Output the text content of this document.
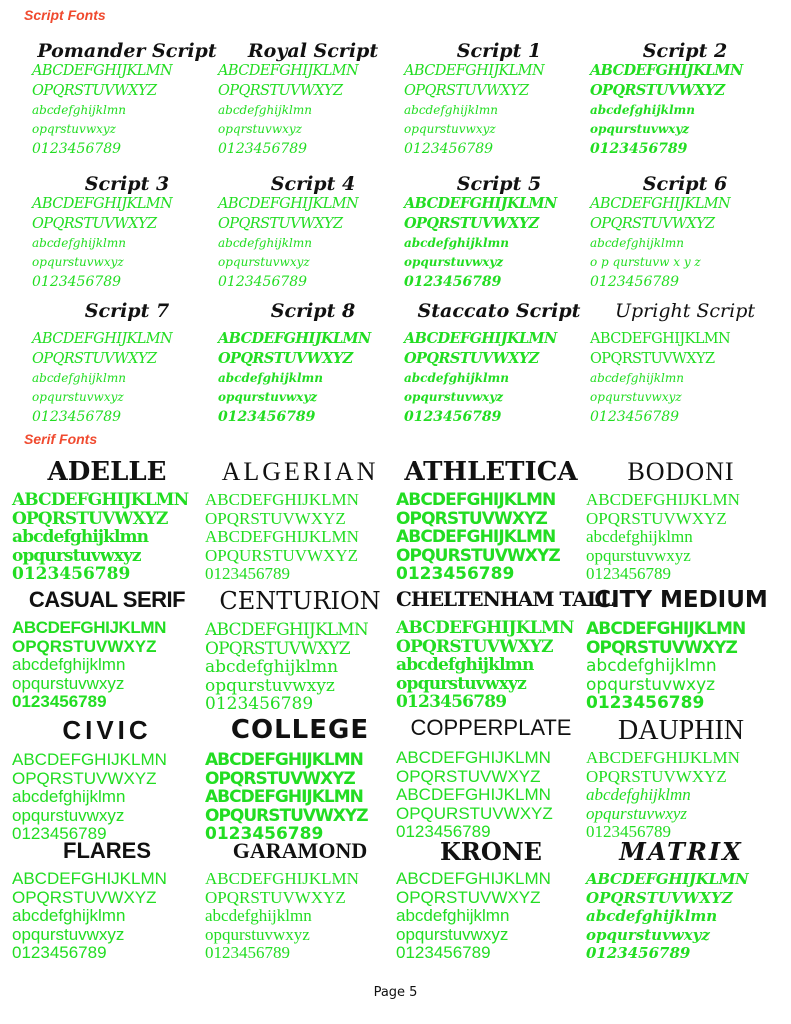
Script Fonts
Pomander Script
ABCDEFGHIJKLMN
OPQRSTUVWXYZ
abcdefghijklmn
opqrstuvwxyz
0123456789
Royal Script
ABCDEFGHIJKLMN
OPQRSTUVWXYZ
abcdefghijklmn
opqrstuvwxyz
0123456789
Script 1
ABCDEFGHIJKLMN
OPQRSTUVWXYZ
abcdefghijklmn
opqurstuvwxyz
0123456789
Script 2
ABCDEFGHIJKLMN
OPQRSTUVWXYZ
abcdefghijklmn
opqurstuvwxyz
0123456789
Script 3
ABCDEFGHIJKLMN
OPQRSTUVWXYZ
abcdefghijklmn
opqurstuvwxyz
0123456789
Script 4
ABCDEFGHIJKLMN
OPQRSTUVWXYZ
abcdefghijklmn
opqurstuvwxyz
0123456789
Script 5
ABCDEFGHIJKLMN
OPQRSTUVWXYZ
abcdefghijklmn
opqurstuvwxyz
0123456789
Script 6
ABCDEFGHIJKLMN
OPQRSTUVWXYZ
abcdefghijklmn
o p qurstuvw x y z
0123456789
Script 7
ABCDEFGHIJKLMN
OPQRSTUVWXYZ
abcdefghijklmn
opqurstuvwxyz
0123456789
Script 8
ABCDEFGHIJKLMN
OPQRSTUVWXYZ
abcdefghijklmn
opqurstuvwxyz
0123456789
Staccato Script
ABCDEFGHIJKLMN
OPQRSTUVWXYZ
abcdefghijklmn
opqurstuvwxyz
0123456789
Upright Script
ABCDEFGHIJKLMN
OPQRSTUVWXYZ
abcdefghijklmn
opqurstuvwxyz
0123456789
Serif Fonts
ADELLE
ABCDEFGHIJKLMN
OPQRSTUVWXYZ
abcdefghijklmn
opqurstuvwxyz
0123456789
ALGERIAN
ABCDEFGHIJKLMN
OPQRSTUVWXYZ
ABCDEFGHIJKLMN
OPQURSTUVWXYZ
0123456789
ATHLETICA
ABCDEFGHIJKLMN
OPQRSTUVWXYZ
ABCDEFGHIJKLMN
OPQURSTUVWXYZ
0123456789
BODONI
ABCDEFGHIJKLMN
OPQRSTUVWXYZ
abcdefghijklmn
opqurstuvwxyz
0123456789
CASUAL SERIF
ABCDEFGHIJKLMN
OPQRSTUVWXYZ
abcdefghijklmn
opqurstuvwxyz
0123456789
CENTURION
ABCDEFGHIJKLMN
OPQRSTUVWXYZ
abcdefghijklmn
opqurstuvwxyz
0123456789
CHELTENHAM TALL
ABCDEFGHIJKLMN
OPQRSTUVWXYZ
abcdefghijklmn
opqurstuvwxyz
0123456789
CITY MEDIUM
ABCDEFGHIJKLMN
OPQRSTUVWXYZ
abcdefghijklmn
opqurstuvwxyz
0123456789
CIVIC
ABCDEFGHIJKLMN
OPQRSTUVWXYZ
abcdefghijklmn
opqurstuvwxyz
0123456789
COLLEGE
ABCDEFGHIJKLMN
OPQRSTUVWXYZ
ABCDEFGHIJKLMN
OPQURSTUVWXYZ
0123456789
COPPERPLATE
ABCDEFGHIJKLMN
OPQRSTUVWXYZ
ABCDEFGHIJKLMN
OPQURSTUVWXYZ
0123456789
DAUPHIN
ABCDEFGHIJKLMN
OPQRSTUVWXYZ
abcdefghijklmn
opqurstuvwxyz
0123456789
FLARES
ABCDEFGHIJKLMN
OPQRSTUVWXYZ
abcdefghijklmn
opqurstuvwxyz
0123456789
GARAMOND
ABCDEFGHIJKLMN
OPQRSTUVWXYZ
abcdefghijklmn
opqurstuvwxyz
0123456789
KRONE
ABCDEFGHIJKLMN
OPQRSTUVWXYZ
abcdefghijklmn
opqurstuvwxyz
0123456789
MATRIX
ABCDEFGHIJKLMN
OPQRSTUVWXYZ
abcdefghijklmn
opqurstuvwxyz
0123456789
Page 5
